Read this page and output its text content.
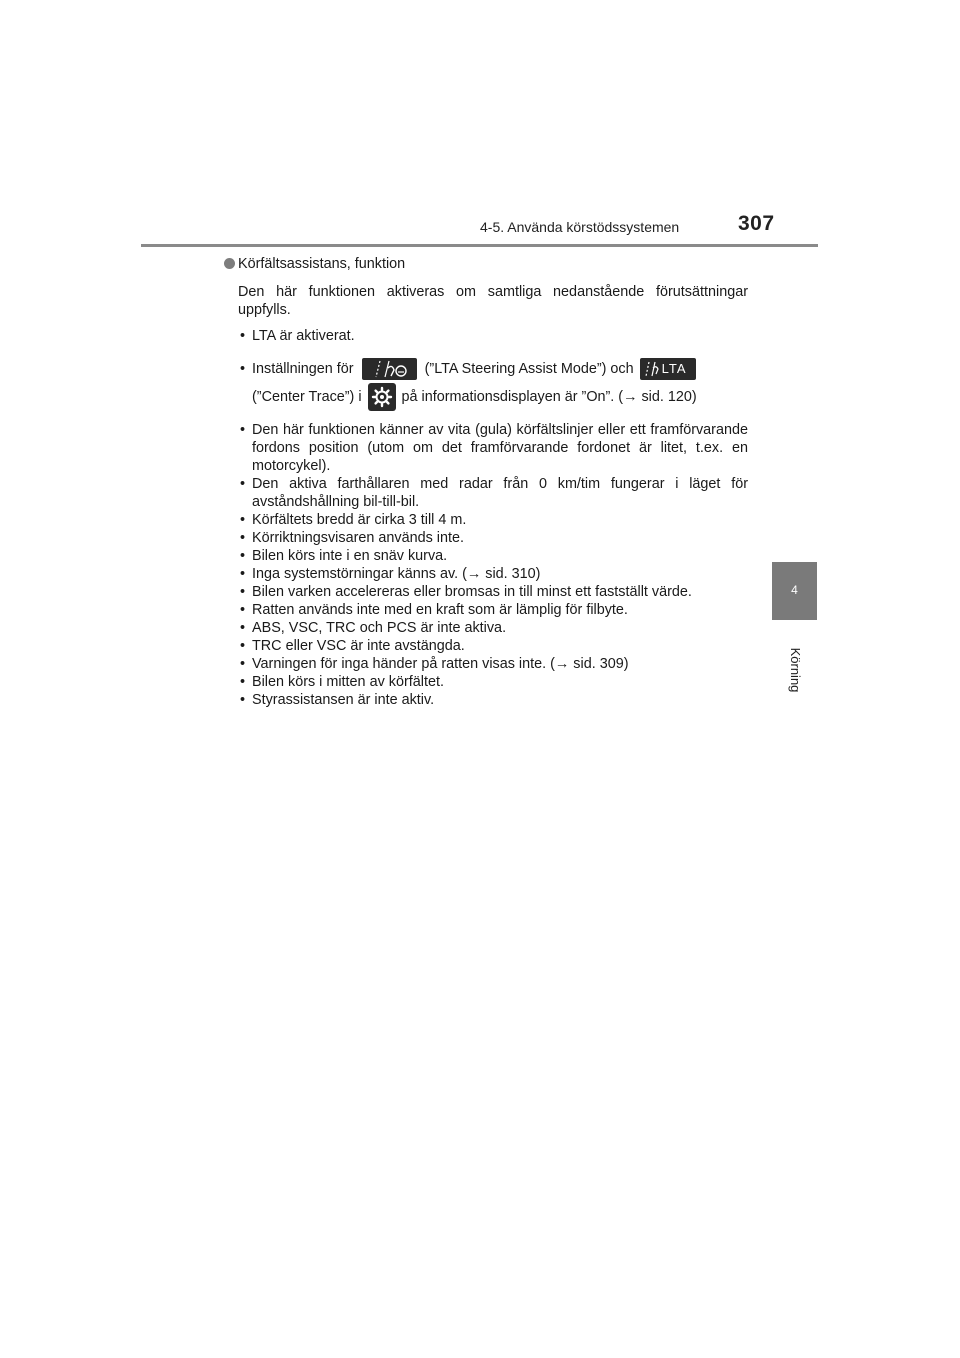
4-5. Använda körstödssystemen	307
4
Körning

Körfältsassistans, funktion

Den här funktionen aktiveras om samtliga nedanstående förutsättningar uppfylls.

• LTA är aktiverat.
• Inställningen för	(”LTA Steering Assist Mode”) och LTA

(”Center Trace”) i	på informationsdisplayen är ”On”. (→ sid. 120)
• Den här funktionen känner av vita (gula) körfältslinjer eller ett framförvarande fordons position (utom om det framförvarande fordonet är litet, t.ex. en motorcykel).
• Den aktiva farthållaren med radar från 0 km/tim fungerar i läget för avståndshållning bil-till-bil.
• Körfältets bredd är cirka 3 till 4 m.
• Körriktningsvisaren används inte.
• Bilen körs inte i en snäv kurva.
• Inga systemstörningar känns av. (→ sid. 310)
• Bilen varken accelereras eller bromsas in till minst ett fastställt värde.
• Ratten används inte med en kraft som är lämplig för filbyte.
• ABS, VSC, TRC och PCS är inte aktiva.
• TRC eller VSC är inte avstängda.
• Varningen för inga händer på ratten visas inte. (→ sid. 309)
• Bilen körs i mitten av körfältet.
• Styrassistansen är inte aktiv.
